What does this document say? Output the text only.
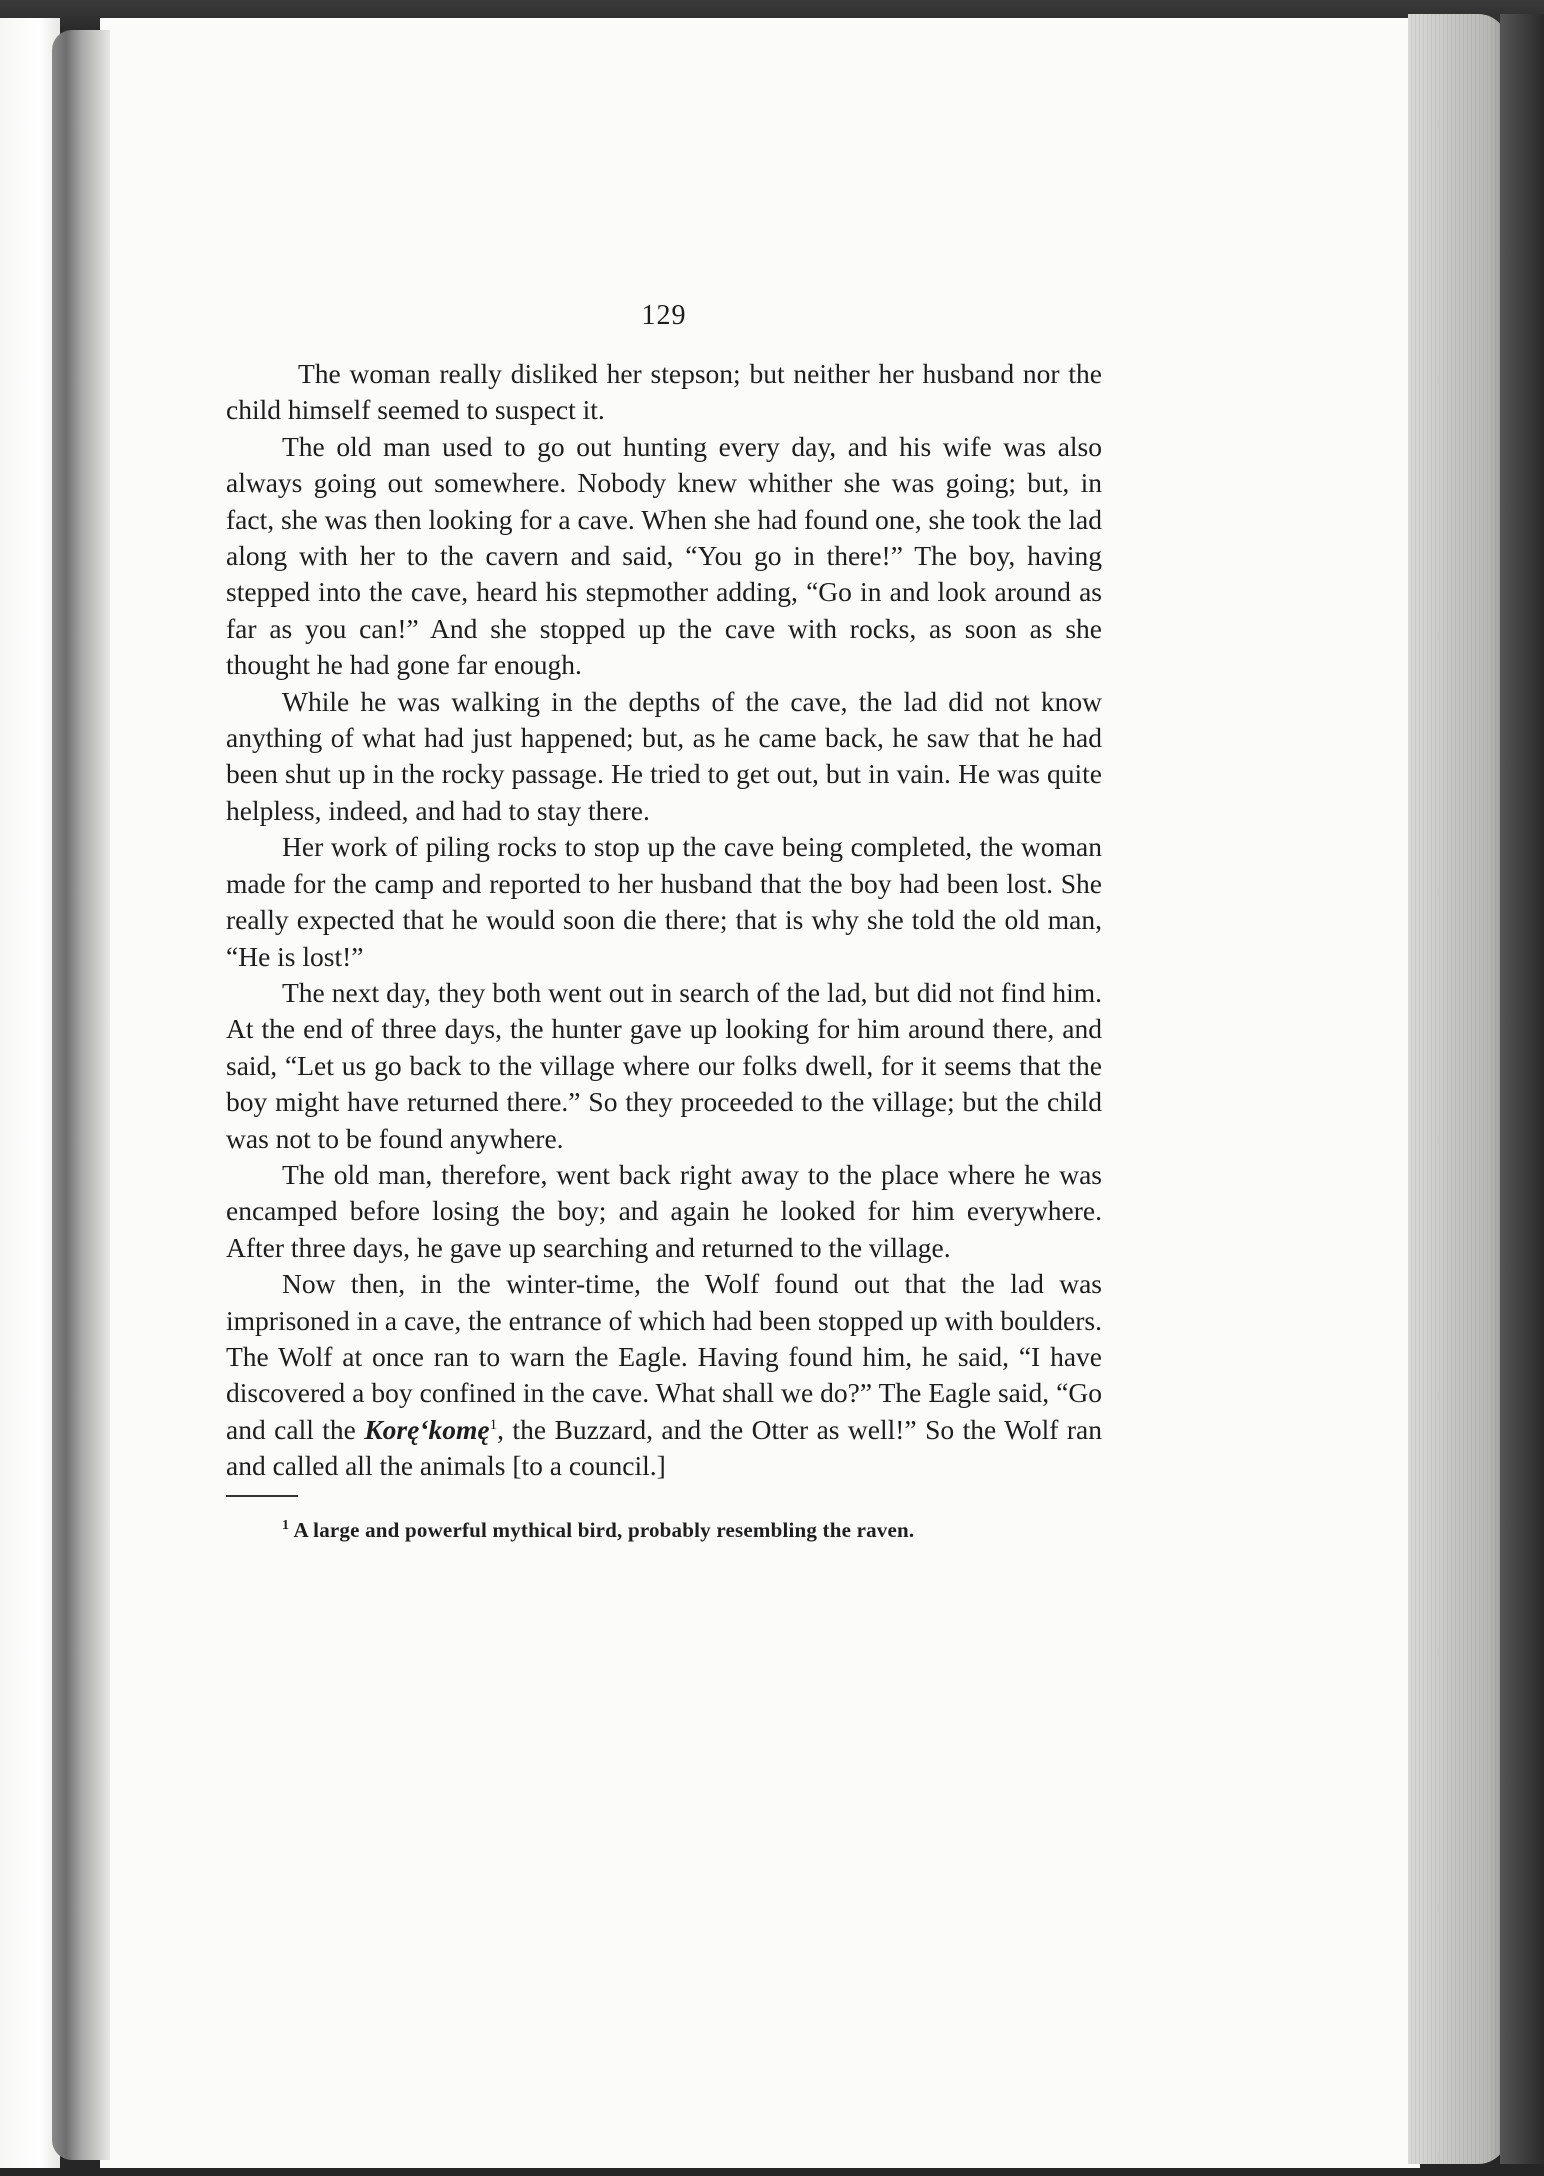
129

The woman really disliked her stepson; but neither her husband nor the child himself seemed to suspect it.

The old man used to go out hunting every day, and his wife was also always going out somewhere. Nobody knew whither she was going; but, in fact, she was then looking for a cave. When she had found one, she took the lad along with her to the cavern and said, “You go in there!” The boy, having stepped into the cave, heard his stepmother adding, “Go in and look around as far as you can!” And she stopped up the cave with rocks, as soon as she thought he had gone far enough.

While he was walking in the depths of the cave, the lad did not know anything of what had just happened; but, as he came back, he saw that he had been shut up in the rocky passage. He tried to get out, but in vain. He was quite helpless, indeed, and had to stay there.

Her work of piling rocks to stop up the cave being completed, the woman made for the camp and reported to her husband that the boy had been lost. She really expected that he would soon die there; that is why she told the old man, “He is lost!”

The next day, they both went out in search of the lad, but did not find him. At the end of three days, the hunter gave up looking for him around there, and said, “Let us go back to the village where our folks dwell, for it seems that the boy might have returned there.” So they proceeded to the village; but the child was not to be found anywhere.

The old man, therefore, went back right away to the place where he was encamped before losing the boy; and again he looked for him everywhere. After three days, he gave up searching and returned to the village.

Now then, in the winter-time, the Wolf found out that the lad was imprisoned in a cave, the entrance of which had been stopped up with boulders. The Wolf at once ran to warn the Eagle. Having found him, he said, “I have discovered a boy confined in the cave. What shall we do?” The Eagle said, “Go and call the Korę‘komę$^1$, the Buzzard, and the Otter as well!” So the Wolf ran and called all the animals [to a council.]

$^1$ A large and powerful mythical bird, probably resembling the raven.
